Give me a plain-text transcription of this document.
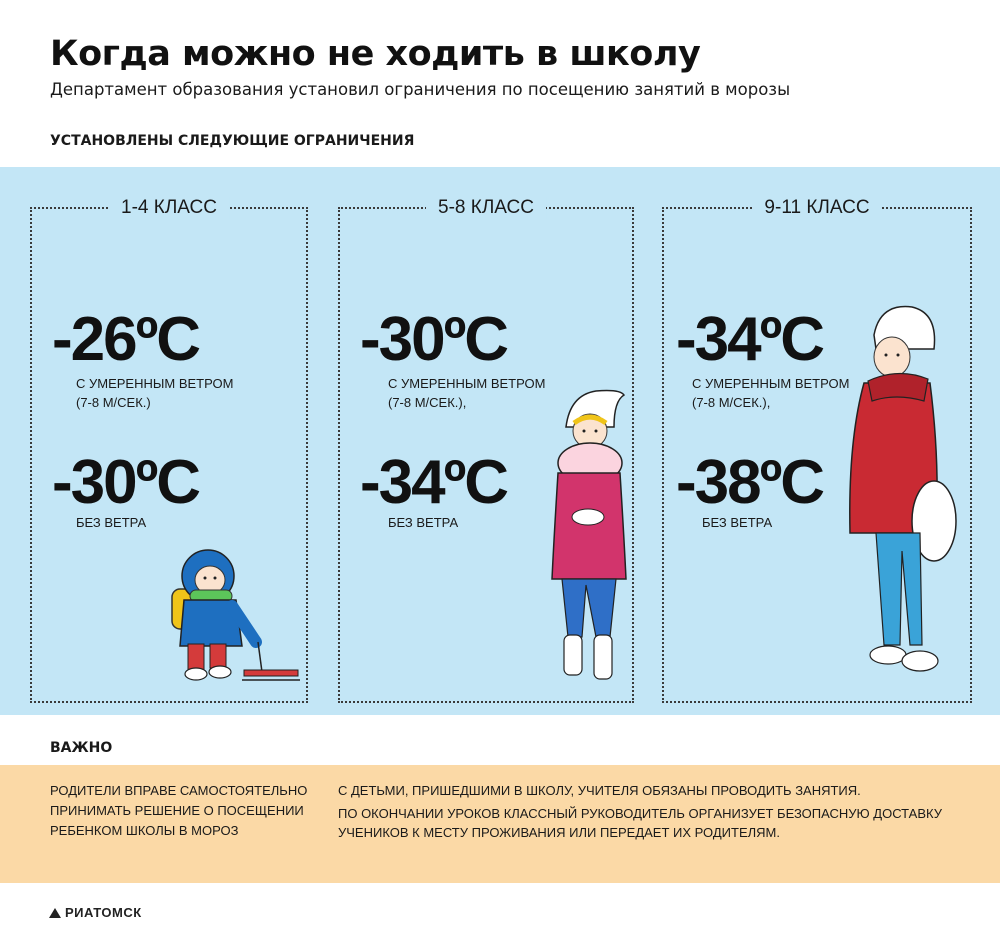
Когда можно не ходить в школу
Департамент образования установил ограничения по посещению занятий в морозы
УСТАНОВЛЕНЫ СЛЕДУЮЩИЕ ОГРАНИЧЕНИЯ
1-4 КЛАСС
-26ºC
С УМЕРЕННЫМ ВЕТРОМ
(7-8 М/СЕК.)
-30ºC
БЕЗ ВЕТРА
5-8 КЛАСС
-30ºC
С УМЕРЕННЫМ ВЕТРОМ
(7-8 М/СЕК.),
-34ºC
БЕЗ ВЕТРА
9-11 КЛАСС
-34ºC
С УМЕРЕННЫМ ВЕТРОМ
(7-8 М/СЕК.),
-38ºC
БЕЗ ВЕТРА
ВАЖНО
РОДИТЕЛИ ВПРАВЕ САМОСТОЯТЕЛЬНО ПРИНИМАТЬ РЕШЕНИЕ О ПОСЕЩЕНИИ РЕБЕНКОМ ШКОЛЫ В МОРОЗ

С ДЕТЬМИ, ПРИШЕДШИМИ В ШКОЛУ, УЧИТЕЛЯ ОБЯЗАНЫ ПРОВОДИТЬ ЗАНЯТИЯ.

ПО ОКОНЧАНИИ УРОКОВ КЛАССНЫЙ РУКОВОДИТЕЛЬ ОРГАНИЗУЕТ БЕЗОПАСНУЮ ДОСТАВКУ УЧЕНИКОВ К МЕСТУ ПРОЖИВАНИЯ ИЛИ ПЕРЕДАЕТ ИХ РОДИТЕЛЯМ.

РИАТОМСК
